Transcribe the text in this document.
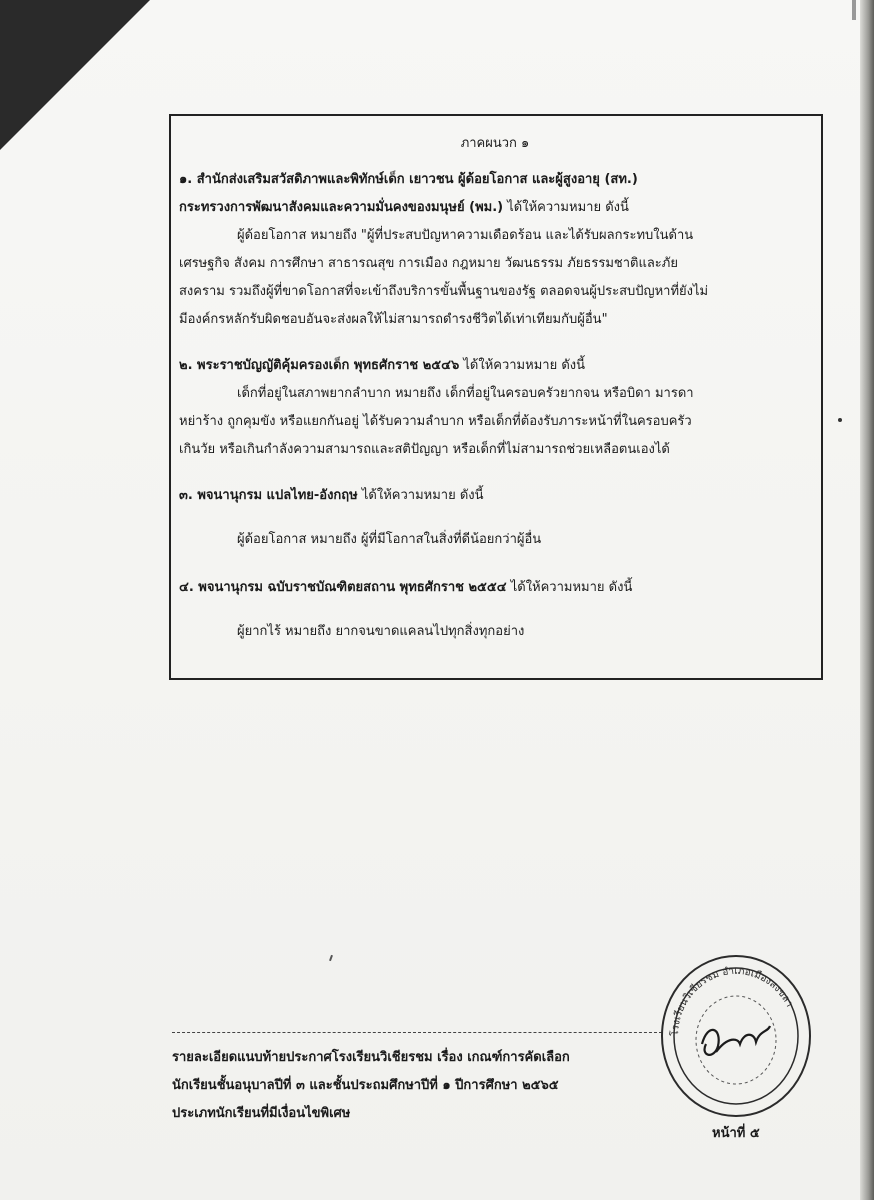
ภาคผนวก ๑

๑. สำนักส่งเสริมสวัสดิภาพและพิทักษ์เด็ก เยาวชน ผู้ด้อยโอกาส และผู้สูงอายุ (สท.)

กระทรวงการพัฒนาสังคมและความมั่นคงของมนุษย์ (พม.) ได้ให้ความหมาย ดังนี้

ผู้ด้อยโอกาส หมายถึง "ผู้ที่ประสบปัญหาความเดือดร้อน และได้รับผลกระทบในด้าน

เศรษฐกิจ สังคม การศึกษา สาธารณสุข การเมือง กฎหมาย วัฒนธรรม ภัยธรรมชาติและภัย

สงคราม รวมถึงผู้ที่ขาดโอกาสที่จะเข้าถึงบริการขั้นพื้นฐานของรัฐ ตลอดจนผู้ประสบปัญหาที่ยังไม่

มีองค์กรหลักรับผิดชอบอันจะส่งผลให้ไม่สามารถดำรงชีวิตได้เท่าเทียมกับผู้อื่น"

๒. พระราชบัญญัติคุ้มครองเด็ก พุทธศักราช ๒๕๔๖ ได้ให้ความหมาย ดังนี้

เด็กที่อยู่ในสภาพยากลำบาก หมายถึง เด็กที่อยู่ในครอบครัวยากจน หรือบิดา มารดา

หย่าร้าง ถูกคุมขัง หรือแยกกันอยู่ ได้รับความลำบาก หรือเด็กที่ต้องรับภาระหน้าที่ในครอบครัว

เกินวัย หรือเกินกำลังความสามารถและสติปัญญา หรือเด็กที่ไม่สามารถช่วยเหลือตนเองได้

๓. พจนานุกรม แปลไทย-อังกฤษ ได้ให้ความหมาย ดังนี้

ผู้ด้อยโอกาส หมายถึง ผู้ที่มีโอกาสในสิ่งที่ดีน้อยกว่าผู้อื่น

๔. พจนานุกรม ฉบับราชบัณฑิตยสถาน พุทธศักราช ๒๕๕๔ ได้ให้ความหมาย ดังนี้

ผู้ยากไร้ หมายถึง ยากจนขาดแคลนไปทุกสิ่งทุกอย่าง

รายละเอียดแนบท้ายประกาศโรงเรียนวิเชียรชม เรื่อง เกณฑ์การคัดเลือก

นักเรียนชั้นอนุบาลปีที่ ๓ และชั้นประถมศึกษาปีที่ ๑ ปีการศึกษา ๒๕๖๕

ประเภทนักเรียนที่มีเงื่อนไขพิเศษ

โรงเรียนวิเชียรชม อำเภอเมืองสงขลา
หน้าที่ ๕
